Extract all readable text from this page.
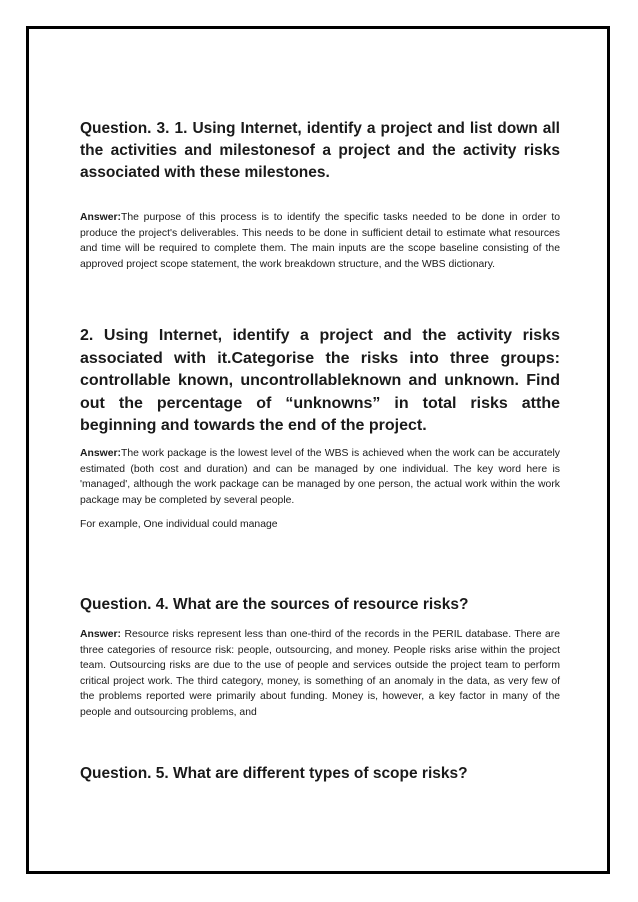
Question. 3. 1. Using Internet, identify a project and list down all the activities and milestonesof a project and the activity risks associated with these milestones.

Answer:The purpose of this process is to identify the specific tasks needed to be done in order to produce the project's deliverables. This needs to be done in sufficient detail to estimate what resources and time will be required to complete them. The main inputs are the scope baseline consisting of the approved project scope statement, the work breakdown structure, and the WBS dictionary.

2. Using Internet, identify a project and the activity risks associated with it.Categorise the risks into three groups: controllable known, uncontrollableknown and unknown. Find out the percentage of “unknowns” in total risks atthe beginning and towards the end of the project.

Answer:The work package is the lowest level of the WBS is achieved when the work can be accurately estimated (both cost and duration) and can be managed by one individual. The key word here is 'managed', although the work package can be managed by one person, the actual work within the work package may be completed by several people.

For example, One individual could manage

Question. 4. What are the sources of resource risks?

Answer: Resource risks represent less than one-third of the records in the PERIL database. There are three categories of resource risk: people, outsourcing, and money. People risks arise within the project team. Outsourcing risks are due to the use of people and services outside the project team to perform critical project work. The third category, money, is something of an anomaly in the data, as very few of the problems reported were primarily about funding. Money is, however, a key factor in many of the people and outsourcing problems, and

Question. 5. What are different types of scope risks?
